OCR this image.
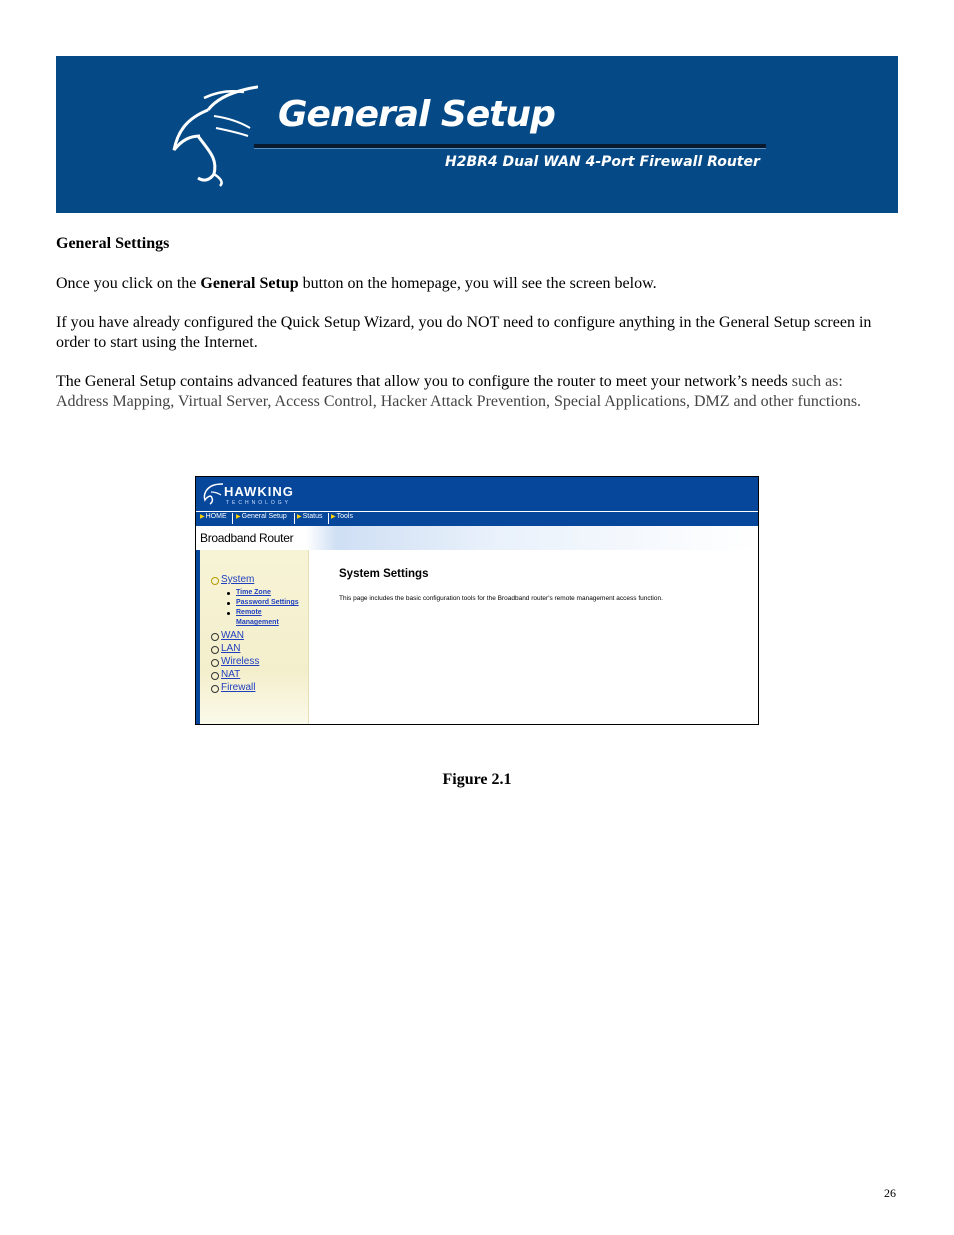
General Setup
H2BR4 Dual WAN 4-Port Firewall Router

General Settings

Once you click on the General Setup button on the homepage, you will see the screen below.

If you have already configured the Quick Setup Wizard, you do NOT need to configure anything in the General Setup screen in order to start using the Internet.

The General Setup contains advanced features that allow you to configure the router to meet your network’s needs such as: Address Mapping, Virtual Server, Access Control, Hacker Attack Prevention, Special Applications, DMZ and other functions.

HAWKING
TECHNOLOGY
▶HOME ▶General Setup ▶Status ▶Tools
Broadband Router
System
Time Zone
Password Settings
Remote
Management
WAN
LAN
Wireless
NAT
Firewall
System Settings
This page includes the basic configuration tools for the Broadband router's remote management access function.
Figure 2.1
26
